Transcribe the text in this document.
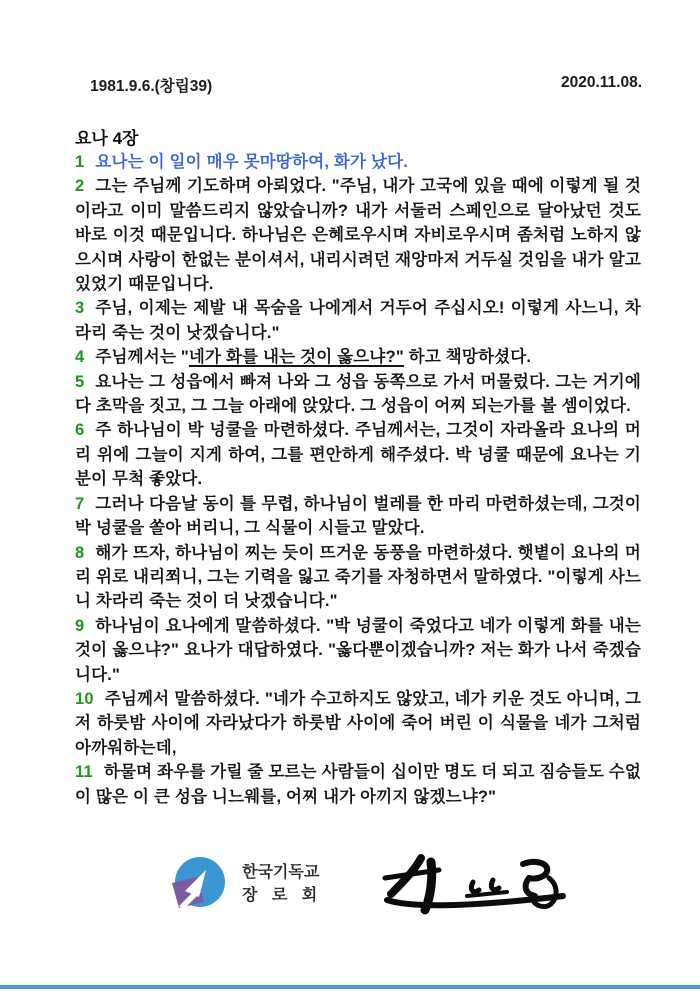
1981.9.6.(창립39)	2020.11.08.
요나 4장

1 요나는 이 일이 매우 못마땅하여, 화가 났다.

2 그는 주님께 기도하며 아뢰었다. "주님, 내가 고국에 있을 때에 이렇게 될 것이라고 이미 말씀드리지 않았습니까? 내가 서둘러 스페인으로 달아났던 것도 바로 이것 때문입니다. 하나님은 은혜로우시며 자비로우시며 좀처럼 노하지 않으시며 사랑이 한없는 분이셔서, 내리시려던 재앙마저 거두실 것임을 내가 알고 있었기 때문입니다.

3 주님, 이제는 제발 내 목숨을 나에게서 거두어 주십시오! 이렇게 사느니, 차라리 죽는 것이 낫겠습니다."

4 주님께서는 "네가 화를 내는 것이 옳으냐?" 하고 책망하셨다.

5 요나는 그 성읍에서 빠져 나와 그 성읍 동쪽으로 가서 머물렀다. 그는 거기에다 초막을 짓고, 그 그늘 아래에 앉았다. 그 성읍이 어찌 되는가를 볼 셈이었다.

6 주 하나님이 박 넝쿨을 마련하셨다. 주님께서는, 그것이 자라올라 요나의 머리 위에 그늘이 지게 하여, 그를 편안하게 해주셨다. 박 넝쿨 때문에 요나는 기분이 무척 좋았다.

7 그러나 다음날 동이 틀 무렵, 하나님이 벌레를 한 마리 마련하셨는데, 그것이 박 넝쿨을 쏠아 버리니, 그 식물이 시들고 말았다.

8 해가 뜨자, 하나님이 찌는 듯이 뜨거운 동풍을 마련하셨다. 햇볕이 요나의 머리 위로 내리쬐니, 그는 기력을 잃고 죽기를 자청하면서 말하였다. "이렇게 사느니 차라리 죽는 것이 더 낫겠습니다."

9 하나님이 요나에게 말씀하셨다. "박 넝쿨이 죽었다고 네가 이렇게 화를 내는 것이 옳으냐?" 요나가 대답하였다. "옳다뿐이겠습니까? 저는 화가 나서 죽겠습니다."

10 주님께서 말씀하셨다. "네가 수고하지도 않았고, 네가 키운 것도 아니며, 그저 하룻밤 사이에 자라났다가 하룻밤 사이에 죽어 버린 이 식물을 네가 그처럼 아까워하는데,

11 하물며 좌우를 가릴 줄 모르는 사람들이 십이만 명도 더 되고 짐승들도 수없이 많은 이 큰 성읍 니느웨를, 어찌 내가 아끼지 않겠느냐?"

한국기독교
장 로 회
